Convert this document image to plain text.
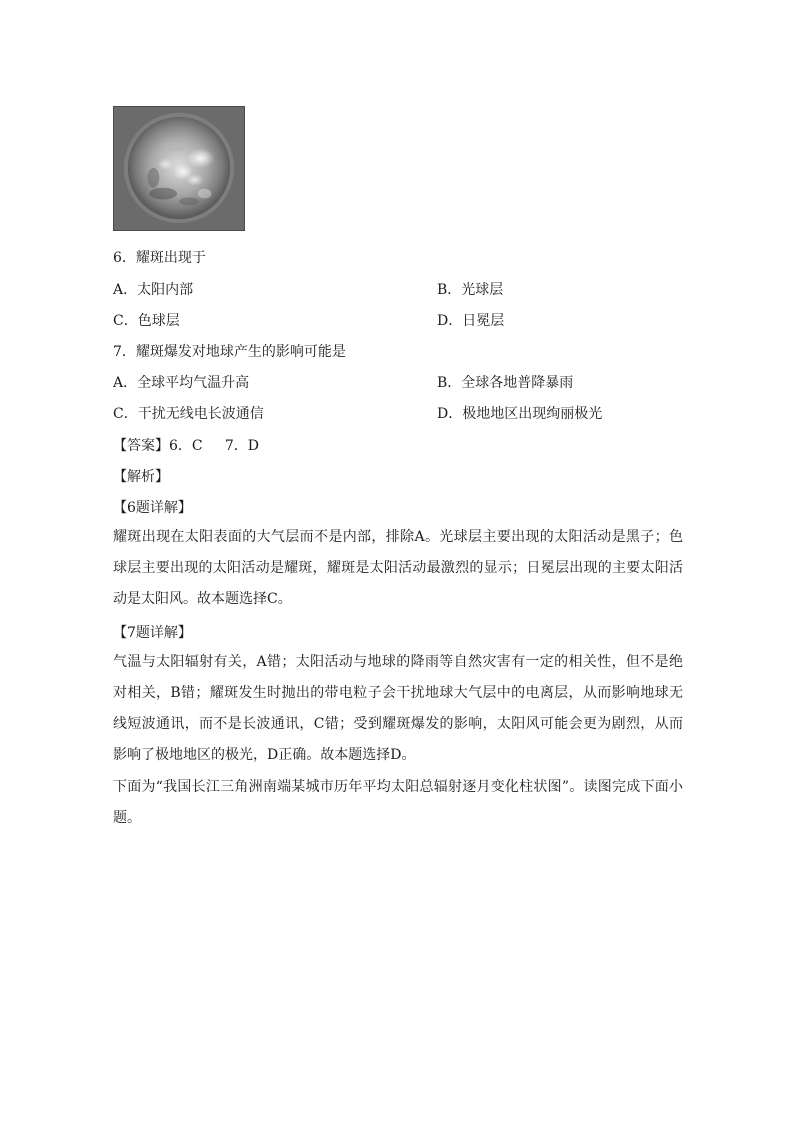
6．耀斑出现于
A．太阳内部	B．光球层
C．色球层	D．日冕层
7．耀斑爆发对地球产生的影响可能是
A．全球平均气温升高	B．全球各地普降暴雨
C．干扰无线电长波通信	D．极地地区出现绚丽极光
【答案】6．C     7．D
【解析】
【6题详解】
耀斑出现在太阳表面的大气层而不是内部，排除A。光球层主要出现的太阳活动是黑子；色球层主要出现的太阳活动是耀斑，耀斑是太阳活动最激烈的显示；日冕层出现的主要太阳活动是太阳风。故本题选择C。
【7题详解】
气温与太阳辐射有关，A错；太阳活动与地球的降雨等自然灾害有一定的相关性，但不是绝对相关，B错；耀斑发生时抛出的带电粒子会干扰地球大气层中的电离层，从而影响地球无线短波通讯，而不是长波通讯，C错；受到耀斑爆发的影响，太阳风可能会更为剧烈，从而影响了极地地区的极光，D正确。故本题选择D。
下面为“我国长江三角洲南端某城市历年平均太阳总辐射逐月变化柱状图”。读图完成下面小题。
